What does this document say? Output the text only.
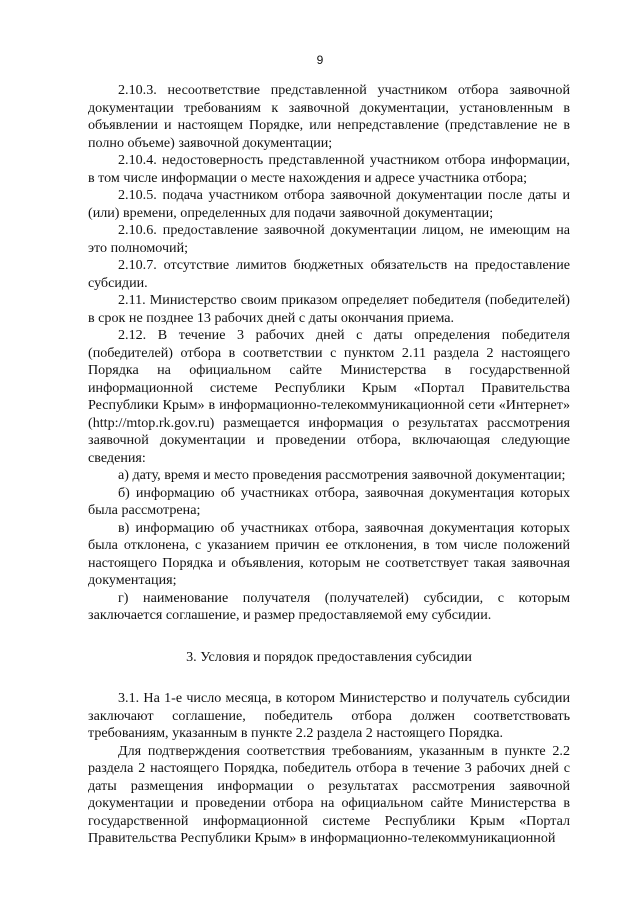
9

2.10.3. несоответствие представленной участником отбора заявочной документации требованиям к заявочной документации, установленным в объявлении и настоящем Порядке, или непредставление (представление не в полно объеме) заявочной документации;

2.10.4. недостоверность представленной участником отбора информации, в том числе информации о месте нахождения и адресе участника отбора;

2.10.5. подача участником отбора заявочной документации после даты и (или) времени, определенных для подачи заявочной документации;

2.10.6. предоставление заявочной документации лицом, не имеющим на это полномочий;

2.10.7. отсутствие лимитов бюджетных обязательств на предоставление субсидии.

2.11. Министерство своим приказом определяет победителя (победителей) в срок не позднее 13 рабочих дней с даты окончания приема.

2.12. В течение 3 рабочих дней с даты определения победителя (победителей) отбора в соответствии с пунктом 2.11 раздела 2 настоящего Порядка на официальном сайте Министерства в государственной информационной системе Республики Крым «Портал Правительства Республики Крым» в информационно-телекоммуникационной сети «Интернет» (http://mtop.rk.gov.ru) размещается информация о результатах рассмотрения заявочной документации и проведении отбора, включающая следующие сведения:

а) дату, время и место проведения рассмотрения заявочной документации;

б) информацию об участниках отбора, заявочная документация которых была рассмотрена;

в) информацию об участниках отбора, заявочная документация которых была отклонена, с указанием причин ее отклонения, в том числе положений настоящего Порядка и объявления, которым не соответствует такая заявочная документация;

г) наименование получателя (получателей) субсидии, с которым заключается соглашение, и размер предоставляемой ему субсидии.

3. Условия и порядок предоставления субсидии

3.1. На 1-е число месяца, в котором Министерство и получатель субсидии заключают соглашение, победитель отбора должен соответствовать требованиям, указанным в пункте 2.2 раздела 2 настоящего Порядка.

Для подтверждения соответствия требованиям, указанным в пункте 2.2 раздела 2 настоящего Порядка, победитель отбора в течение 3 рабочих дней с даты размещения информации о результатах рассмотрения заявочной документации и проведении отбора на официальном сайте Министерства в государственной информационной системе Республики Крым «Портал Правительства Республики Крым» в информационно-телекоммуникационной
